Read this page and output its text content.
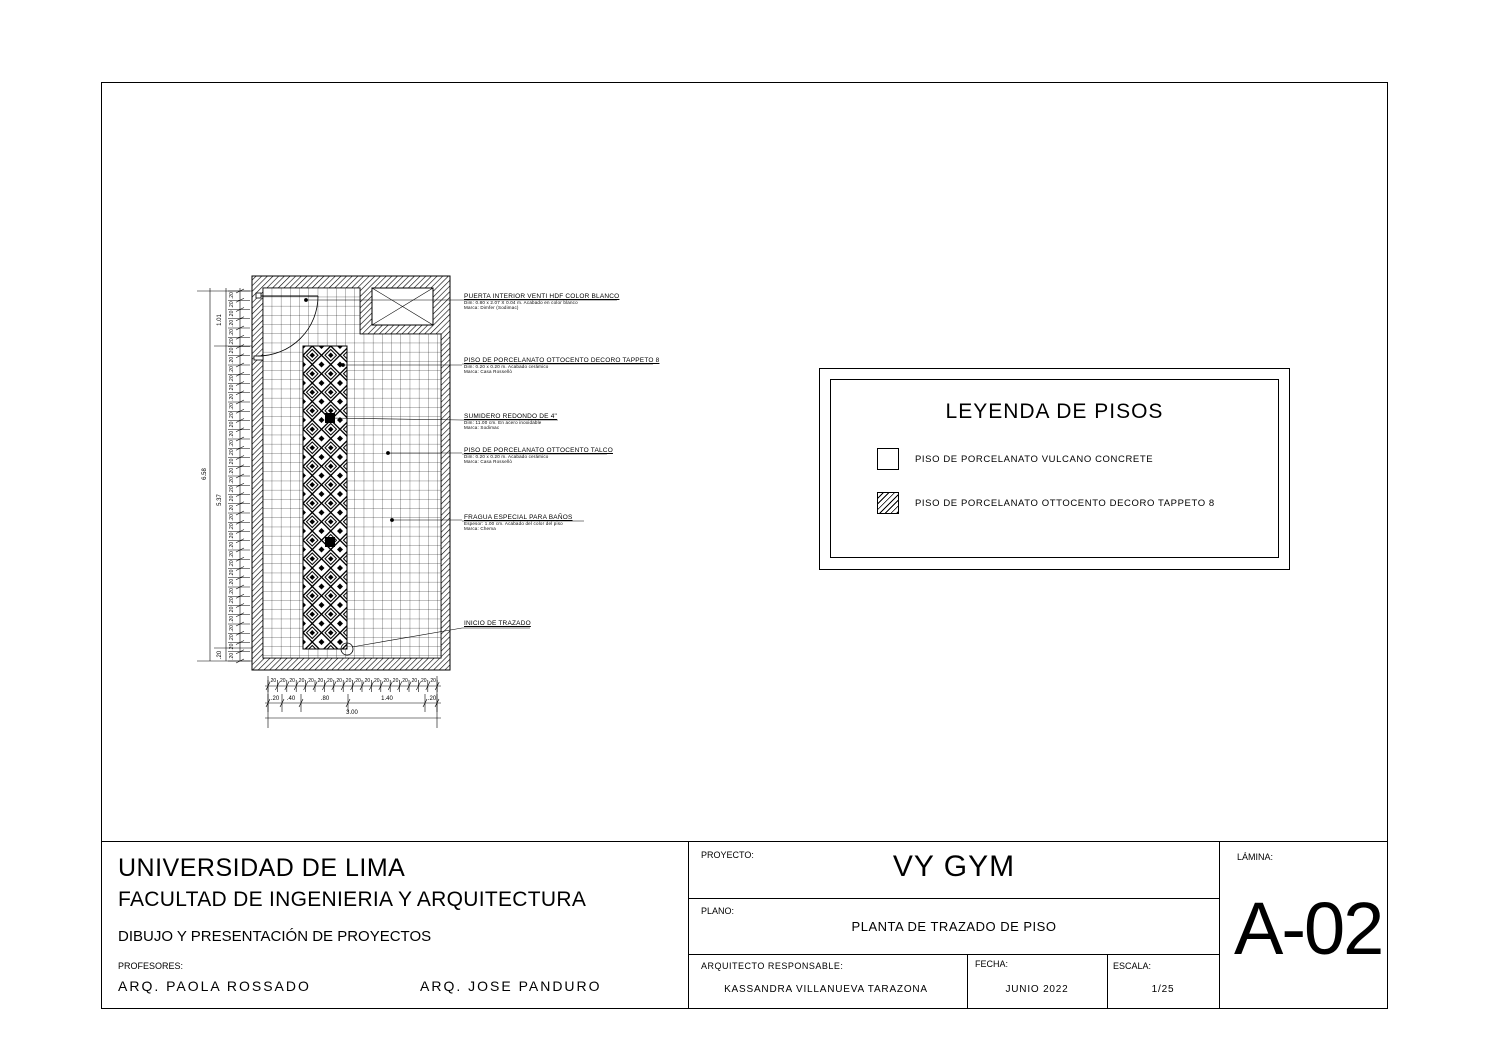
6.58
5.37
1.01
.20
.20 .40	.80	1.40	.20
3.00
.20
.20
.20
.20
.20
.20
.20
.20
.20
.20
.20
.20
.20
.20
.20
.20
.20
.20
.20
.20
.20
.20
.20
.20
.20
.20
.20
.20
.20
.20
.20
.20
.20
.20
.20
.20
.20
.20
.20
.20
.20 .20 .20 .20 .20 .20 .20 .20 .20 .20 .20 .20 .20 .20 .20 .20 .20 .20
PUERTA INTERIOR VENTI HDF COLOR BLANCO
Dim: 0.80 x 2.07 X 0.04 m. Acabado en color blanco
Marca: Dimfer (Sodimac)
PISO DE PORCELANATO OTTOCENTO DECORO TAPPETO 8
Dim: 0.20 x 0.20 m. Acabado cerámico
Marca: Casa Rossellò
SUMIDERO REDONDO DE 4"
Dim: 11.00 cm. En acero inoxidable
Marca: Sodimac
PISO DE PORCELANATO OTTOCENTO TALCO
Dim: 0.20 x 0.20 m. Acabado cerámico
Marca: Casa Rossellò
FRAGUA ESPECIAL PARA BAÑOS
Espesor: 1.00 cm. Acabado del color del piso
Marca: Chema
INICIO DE TRAZADO
LEYENDA DE PISOS
PISO DE PORCELANATO VULCANO CONCRETE
PISO DE PORCELANATO OTTOCENTO DECORO TAPPETO 8
UNIVERSIDAD DE LIMA
FACULTAD DE INGENIERIA Y ARQUITECTURA
DIBUJO Y PRESENTACIÓN DE PROYECTOS
PROFESORES:
ARQ. PAOLA ROSSADO	ARQ. JOSE PANDURO
PROYECTO:	VY GYM
PLANO:
PLANTA DE TRAZADO DE PISO
ARQUITECTO RESPONSABLE:
KASSANDRA VILLANUEVA TARAZONA
FECHA:
JUNIO 2022
ESCALA:
1/25
LÁMINA:
A-02
